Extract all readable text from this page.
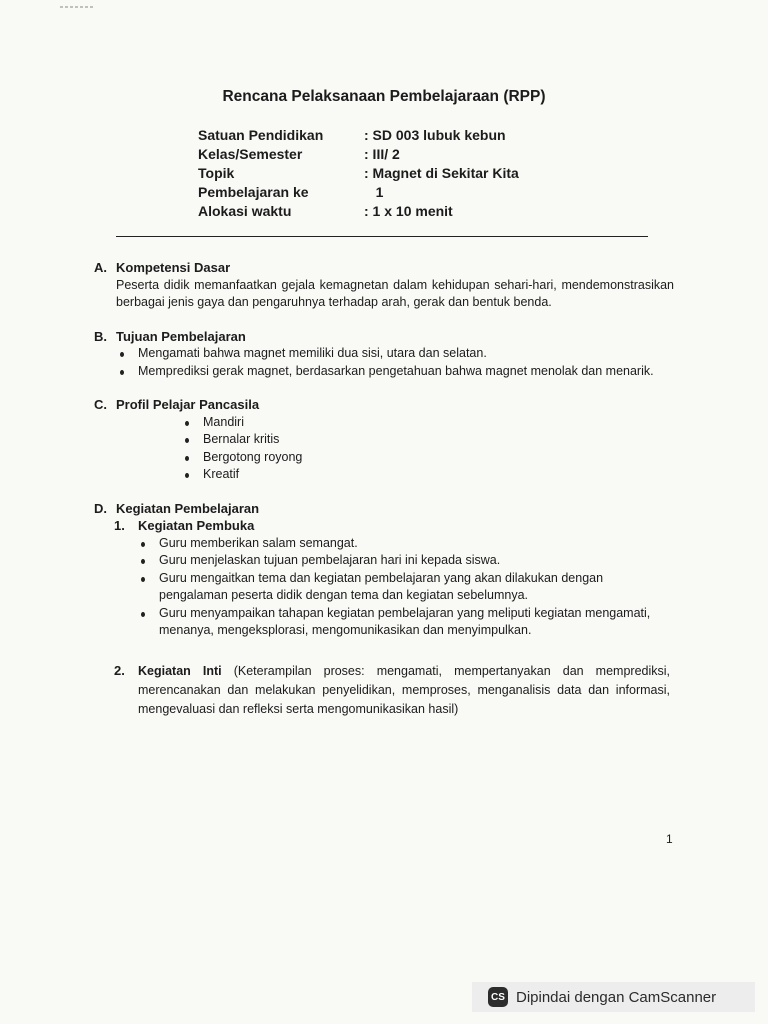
Rencana Pelaksanaan Pembelajaraan (RPP)
Satuan Pendidikan	: SD 003 lubuk kebun
Kelas/Semester	: III/ 2
Topik	: Magnet di Sekitar Kita
Pembelajaran ke	1
Alokasi waktu	: 1 x 10 menit
A. Kompetensi Dasar
Peserta didik memanfaatkan gejala kemagnetan dalam kehidupan sehari-hari, mendemonstrasikan berbagai jenis gaya dan pengaruhnya terhadap arah, gerak dan bentuk benda.
B. Tujuan Pembelajaran
Mengamati bahwa magnet memiliki dua sisi, utara dan selatan.
Memprediksi gerak magnet, berdasarkan pengetahuan bahwa magnet menolak dan menarik.
C. Profil Pelajar Pancasila
Mandiri
Bernalar kritis
Bergotong royong
Kreatif
D. Kegiatan Pembelajaran
1.	Kegiatan Pembuka
Guru memberikan salam semangat.
Guru menjelaskan tujuan pembelajaran hari ini kepada siswa.
Guru mengaitkan tema dan kegiatan pembelajaran yang akan dilakukan dengan pengalaman peserta didik dengan tema dan kegiatan sebelumnya.
Guru menyampaikan tahapan kegiatan pembelajaran yang meliputi kegiatan mengamati, menanya, mengeksplorasi, mengomunikasikan dan menyimpulkan.
2.	Kegiatan Inti (Keterampilan proses: mengamati, mempertanyakan dan memprediksi, merencanakan dan melakukan penyelidikan, memproses, menganalisis data dan informasi, mengevaluasi dan refleksi serta mengomunikasikan hasil)
1
CS Dipindai dengan CamScanner
